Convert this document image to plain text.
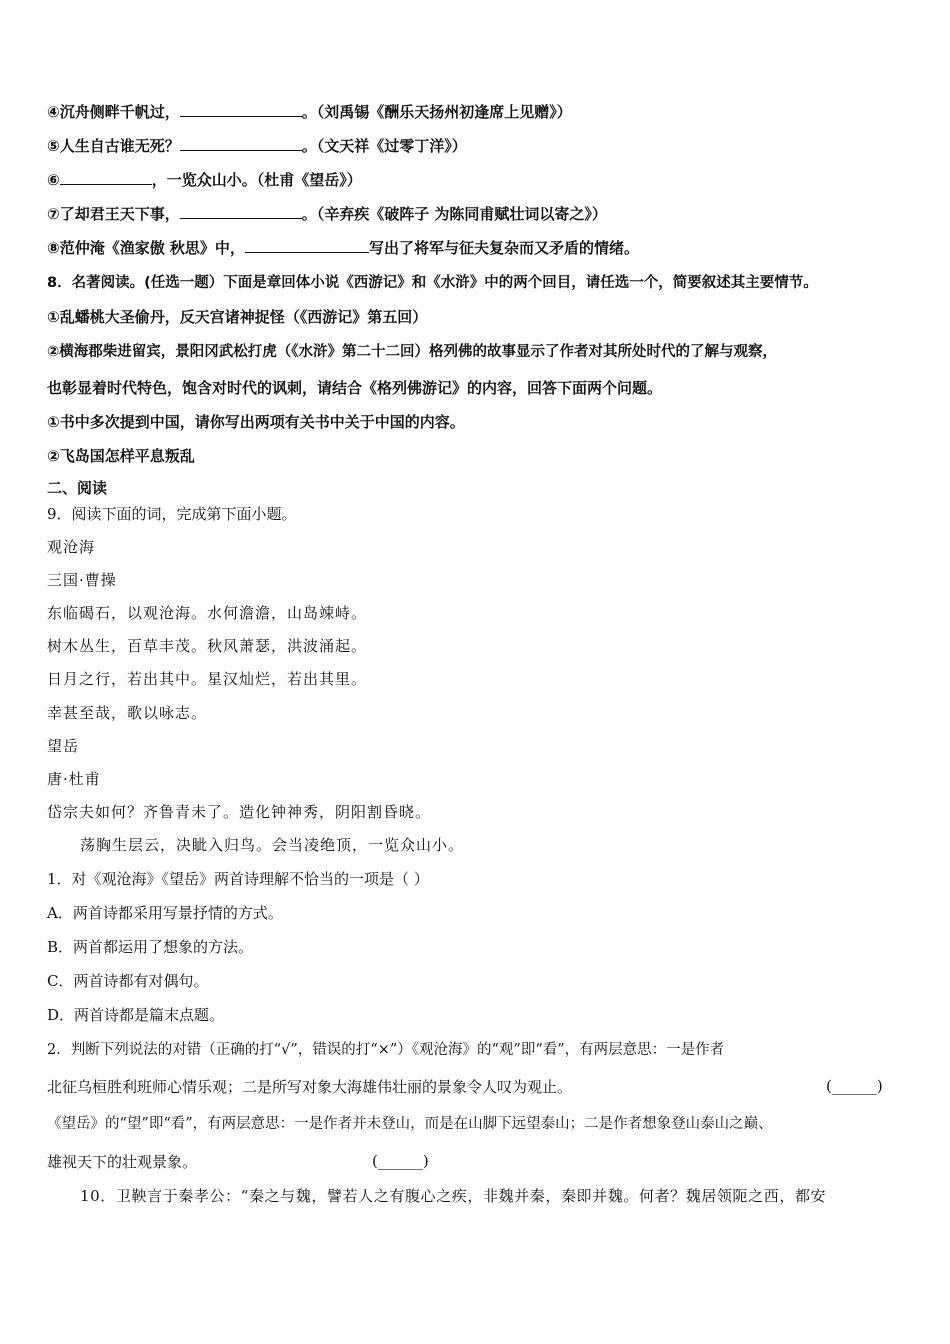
④沉舟侧畔千帆过，	。（刘禹锡《酬乐天扬州初逢席上见赠》）
⑤人生自古谁无死？	。（文天祥《过零丁洋》）
⑥	，一览众山小。（杜甫《望岳》）
⑦了却君王天下事，	。（辛弃疾《破阵子 为陈同甫赋壮词以寄之》）
⑧范仲淹《渔家傲 秋思》中，	写出了将军与征夫复杂而又矛盾的情绪。
8．名著阅读。(任选一题）下面是章回体小说《西游记》和《水浒》中的两个回目，请任选一个，简要叙述其主要情节。
①乱蟠桃大圣偷丹，反天宫诸神捉怪（《西游记》第五回）
②横海郡柴进留宾，景阳冈武松打虎（《水浒》第二十二回）格列佛的故事显示了作者对其所处时代的了解与观察，
也彰显着时代特色，饱含对时代的讽刺，请结合《格列佛游记》的内容，回答下面两个问题。
①书中多次提到中国，请你写出两项有关书中关于中国的内容。
②飞岛国怎样平息叛乱
二、阅读
9．阅读下面的词，完成第下面小题。
观沧海
三国·曹操
东临碣石，以观沧海。水何澹澹，山岛竦峙。
树木丛生，百草丰茂。秋风萧瑟，洪波涌起。
日月之行，若出其中。星汉灿烂，若出其里。
幸甚至哉，歌以咏志。
望岳
唐·杜甫
岱宗夫如何？齐鲁青未了。造化钟神秀，阴阳割昏晓。
荡胸生层云，决眦入归鸟。会当凌绝顶，一览众山小。
1．对《观沧海》《望岳》两首诗理解不恰当的一项是（ ）
A．两首诗都采用写景抒情的方式。
B．两首都运用了想象的方法。
C．两首诗都有对偶句。
D．两首诗都是篇末点题。
2．判断下列说法的对错（正确的打“√”，错误的打“×”）《观沧海》的“观”即“看”，有两层意思：一是作者
北征乌桓胜利班师心情乐观；二是所写对象大海雄伟壮丽的景象令人叹为观止。	(______)
《望岳》的“望”即“看”，有两层意思：一是作者并未登山，而是在山脚下远望泰山；二是作者想象登山泰山之巅、
雄视天下的壮观景象。	(______)
10．卫鞅言于秦孝公：“秦之与魏，譬若人之有腹心之疾，非魏并秦，秦即并魏。何者？魏居领阨之西，都安
